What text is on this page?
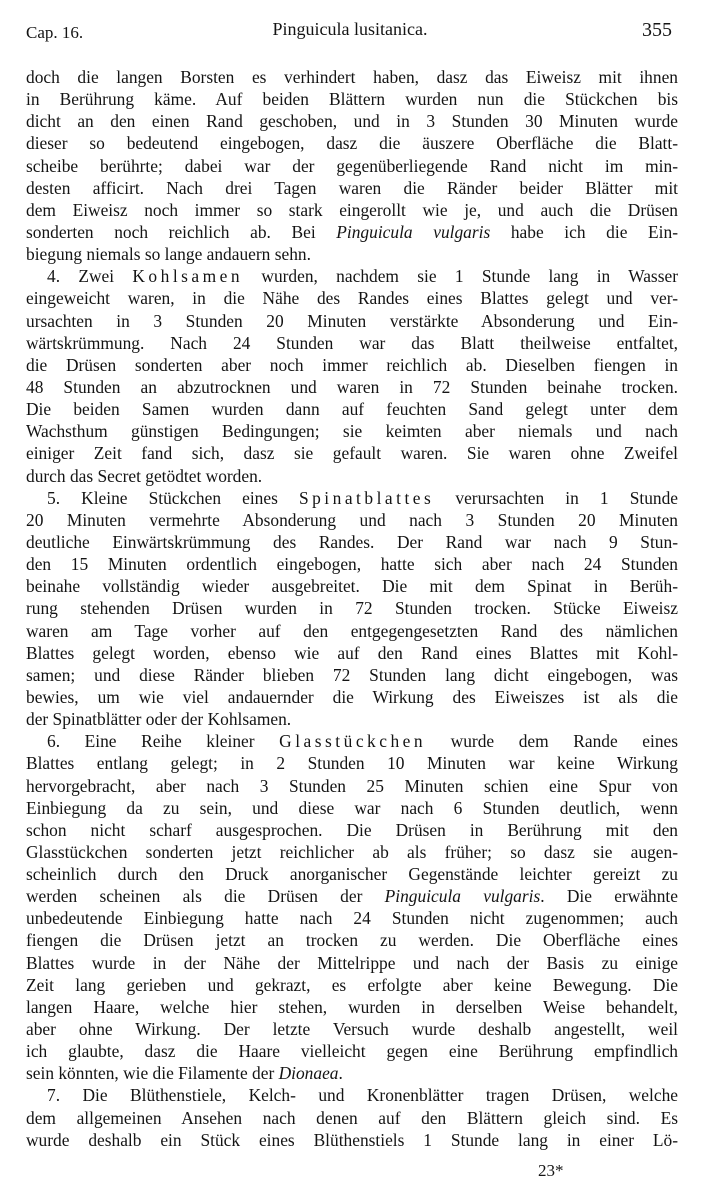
Cap. 16.	Pinguicula lusitanica.	355
doch die langen Borsten es verhindert haben, dasz das Eiweisz mit ihnen
in Berührung käme. Auf beiden Blättern wurden nun die Stückchen bis
dicht an den einen Rand geschoben, und in 3 Stunden 30 Minuten wurde
dieser so bedeutend eingebogen, dasz die äuszere Oberfläche die Blatt-
scheibe berührte; dabei war der gegenüberliegende Rand nicht im min-
desten afficirt. Nach drei Tagen waren die Ränder beider Blätter mit
dem Eiweisz noch immer so stark eingerollt wie je, und auch die Drüsen
sonderten noch reichlich ab. Bei Pinguicula vulgaris habe ich die Ein-
biegung niemals so lange andauern sehn.
4. Zwei Kohlsamen wurden, nachdem sie 1 Stunde lang in Wasser
eingeweicht waren, in die Nähe des Randes eines Blattes gelegt und ver-
ursachten in 3 Stunden 20 Minuten verstärkte Absonderung und Ein-
wärtskrümmung. Nach 24 Stunden war das Blatt theilweise entfaltet,
die Drüsen sonderten aber noch immer reichlich ab. Dieselben fiengen in
48 Stunden an abzutrocknen und waren in 72 Stunden beinahe trocken.
Die beiden Samen wurden dann auf feuchten Sand gelegt unter dem
Wachsthum günstigen Bedingungen; sie keimten aber niemals und nach
einiger Zeit fand sich, dasz sie gefault waren. Sie waren ohne Zweifel
durch das Secret getödtet worden.
5. Kleine Stückchen eines Spinatblattes verursachten in 1 Stunde
20 Minuten vermehrte Absonderung und nach 3 Stunden 20 Minuten
deutliche Einwärtskrümmung des Randes. Der Rand war nach 9 Stun-
den 15 Minuten ordentlich eingebogen, hatte sich aber nach 24 Stunden
beinahe vollständig wieder ausgebreitet. Die mit dem Spinat in Berüh-
rung stehenden Drüsen wurden in 72 Stunden trocken. Stücke Eiweisz
waren am Tage vorher auf den entgegengesetzten Rand des nämlichen
Blattes gelegt worden, ebenso wie auf den Rand eines Blattes mit Kohl-
samen; und diese Ränder blieben 72 Stunden lang dicht eingebogen, was
bewies, um wie viel andauernder die Wirkung des Eiweiszes ist als die
der Spinatblätter oder der Kohlsamen.
6. Eine Reihe kleiner Glasstückchen wurde dem Rande eines
Blattes entlang gelegt; in 2 Stunden 10 Minuten war keine Wirkung
hervorgebracht, aber nach 3 Stunden 25 Minuten schien eine Spur von
Einbiegung da zu sein, und diese war nach 6 Stunden deutlich, wenn
schon nicht scharf ausgesprochen. Die Drüsen in Berührung mit den
Glasstückchen sonderten jetzt reichlicher ab als früher; so dasz sie augen-
scheinlich durch den Druck anorganischer Gegenstände leichter gereizt zu
werden scheinen als die Drüsen der Pinguicula vulgaris. Die erwähnte
unbedeutende Einbiegung hatte nach 24 Stunden nicht zugenommen; auch
fiengen die Drüsen jetzt an trocken zu werden. Die Oberfläche eines
Blattes wurde in der Nähe der Mittelrippe und nach der Basis zu einige
Zeit lang gerieben und gekrazt, es erfolgte aber keine Bewegung. Die
langen Haare, welche hier stehen, wurden in derselben Weise behandelt,
aber ohne Wirkung. Der letzte Versuch wurde deshalb angestellt, weil
ich glaubte, dasz die Haare vielleicht gegen eine Berührung empfindlich
sein könnten, wie die Filamente der Dionaea.
7. Die Blüthenstiele, Kelch- und Kronenblätter tragen Drüsen, welche
dem allgemeinen Ansehen nach denen auf den Blättern gleich sind. Es
wurde deshalb ein Stück eines Blüthenstiels 1 Stunde lang in einer Lö-
23*
